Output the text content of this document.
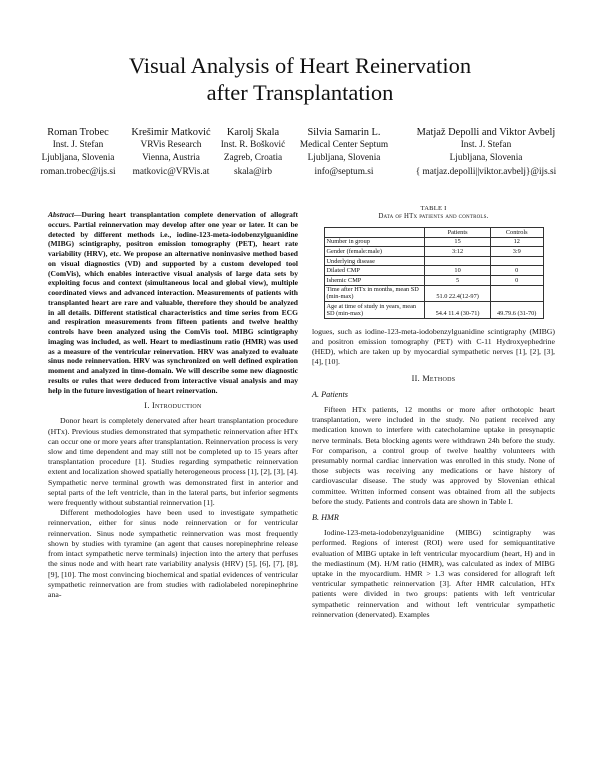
Visual Analysis of Heart Reinervation
after Transplantation
Roman Trobec
Inst. J. Stefan
Ljubljana, Slovenia
roman.trobec@ijs.si
Krešimir Matković
VRVis Research
Vienna, Austria
matkovic@VRVis.at
Karolj Skala
Inst. R. Bošković
Zagreb, Croatia
skala@irb
Silvia Samarin L.
Medical Center Septum
Ljubljana, Slovenia
info@septum.si
Matjaž Depolli and Viktor Avbelj
Inst. J. Stefan
Ljubljana, Slovenia
{ matjaz.depolli||viktor.avbelj}@ijs.si
Abstract—During heart transplantation complete denervation of allograft occurs. Partial reinnervation may develop after one year or later. It can be detected by different methods i.e., iodine-123-meta-iodobenzylguanidine (MIBG) scintigraphy, positron emission tomography (PET), heart rate variability (HRV), etc. We propose an alternative noninvasive method based on visual diagnostics (VD) and supported by a custom developed tool (ComVis), which enables interactive visual analysis of large data sets by exploiting focus and context (simultaneous local and global view), multiple coordinated views and advanced interaction. Measurements of patients with transplanted heart are rare and valuable, therefore they should be analyzed in all details. Different statistical characteristics and time series from ECG and respiration measurements from fifteen patients and twelve healthy controls have been analyzed using the ComVis tool. MIBG scintigraphy imaging was included, as well. Heart to mediastinum ratio (HMR) was used as a measure of the ventricular reinervation. HRV was analyzed to evaluate sinus node reinnervation. HRV was synchronized on well defined expiration moment and analyzed in time-domain. We will describe some new diagnostic results or rules that were deduced from interactive visual analysis and may help in the future investigation of heart reinervation.
I. Introduction

Donor heart is completely denervated after heart transplantation procedure (HTx). Previous studies demonstrated that sympathetic reinnervation after HTx can occur one or more years after transplantation. Reinnervation process is very slow and time dependent and may still not be completed up to 15 years after transplantation procedure [1]. Studies regarding sympathetic reinnervation extent and localization showed spatially heterogeneous process [1], [2], [3], [4]. Sympathetic nerve terminal growth was demonstrated first in anterior and septal parts of the left ventricle, than in the lateral parts, but inferior segments were frequently without substantial reinnervation [1].

Different methodologies have been used to investigate sympathetic reinnervation, either for sinus node reinnervation or for ventricular reinnervation. Sinus node sympathetic reinnervation was most frequently shown by studies with tyramine (an agent that causes norepinephrine release from intact sympathetic nerve terminals) injection into the artery that perfuses the sinus node and with heart rate variability analysis (HRV) [5], [6], [7], [8], [9], [10]. The most convincing biochemical and spatial evidences of ventricular sympathetic reinnervation are from studies with radiolabeled norepinephrine ana-

TABLE I
Data of HTx patients and controls.
	Patients	Controls
Number in group	15	12
Gender (female:male)	3:12	3:9
Underlying disease		
Dilated CMP	10	0
Ishemic CMP	5	0
Time after HTx in months, mean SD (min-max)	51.0 22.4(12-97)	
Age at time of study in years, mean SD (min-max)	54.4 11.4 (30-71)	49.79.6 (31-70)

logues, such as iodine-123-meta-iodobenzylguanidine scintigraphy (MIBG) and positron emission tomography (PET) with C-11 Hydroxyephedrine (HED), which are taken up by myocardial sympathetic nerves [1], [2], [3], [4], [10].

II. Methods
A. Patients

Fifteen HTx patients, 12 months or more after orthotopic heart transplantation, were included in the study. No patient received any medication known to interfere with catecholamine uptake in presynaptic nerve terminals. Beta blocking agents were withdrawn 24h before the study. For comparison, a control group of twelve healthy volunteers with presumably normal cardiac innervation was enrolled in this study. None of those subjects was receiving any medications or have history of cardiovascular disease. The study was approved by Slovenian ethical committee. Written informed consent was obtained from all the subjects before the study. Patients and controls data are shown in Table I.

B. HMR

Iodine-123-meta-iodobenzylguanidine (MIBG) scintigraphy was performed. Regions of interest (ROI) were used for semiquantitative evaluation of MIBG uptake in left ventricular myocardium (heart, H) and in the mediastinum (M). H/M ratio (HMR), was calculated as index of MIBG uptake in the myocardium. HMR > 1.3 was considered for allograft left ventricular sympathetic reinnervation [3]. After HMR calculation, HTx patients were divided in two groups: patients with left ventricular sympathetic reinnervation and without left ventricular sympathetic reinnervation (denervated). Examples
